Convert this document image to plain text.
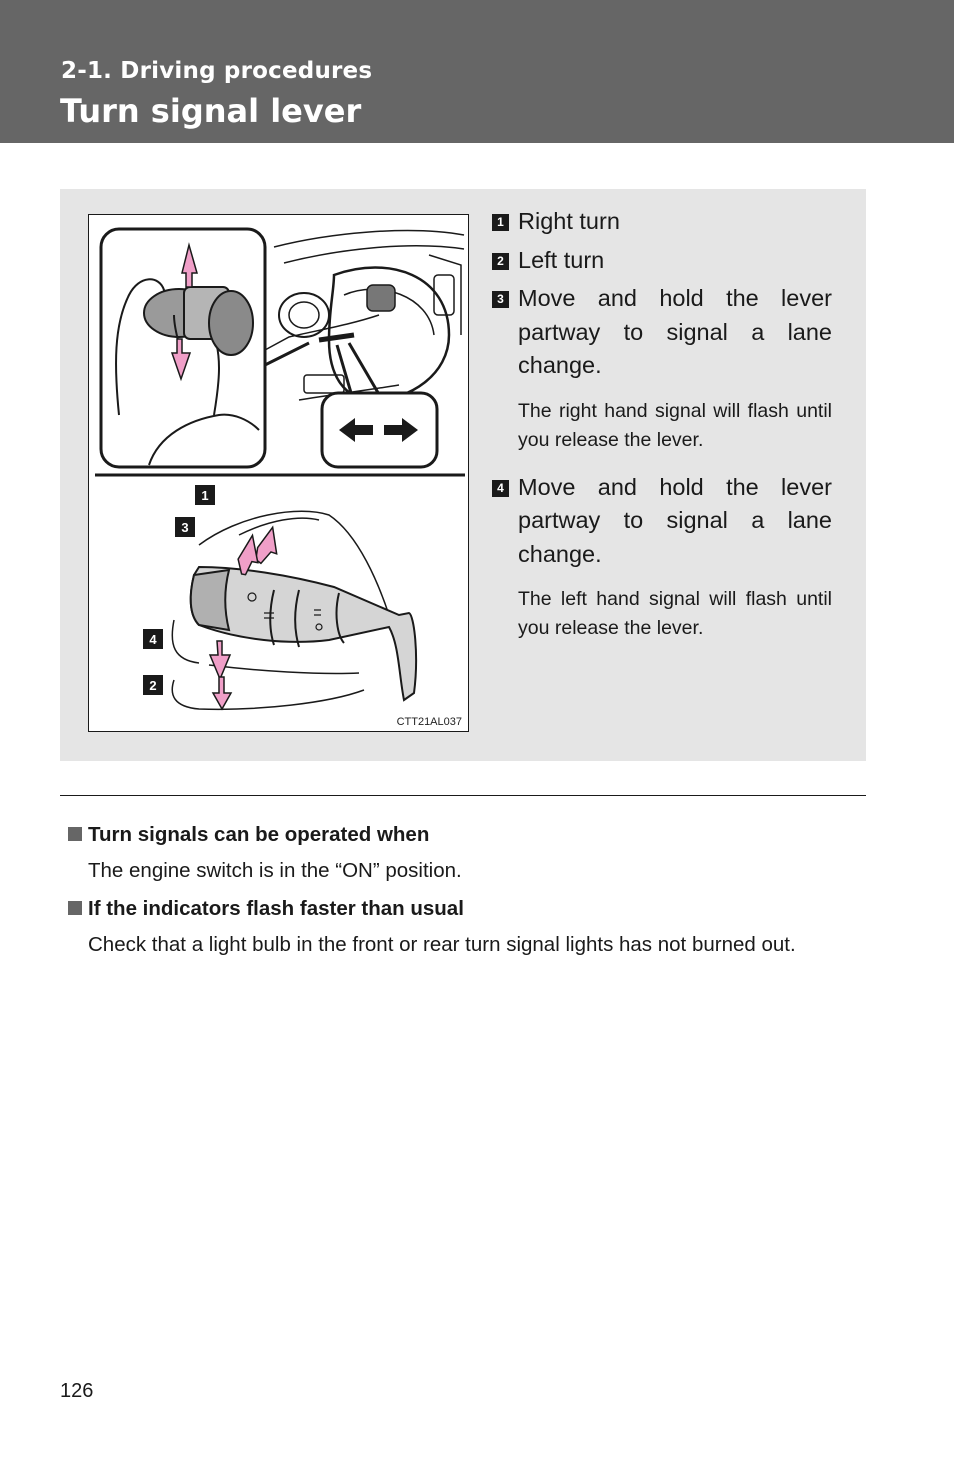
2-1. Driving procedures
Turn signal lever
1
3
4
2
CTT21AL037
1 Right turn
2 Left turn
3 Move and hold the lever partway to signal a lane change.
The right hand signal will flash until you release the lever.
4 Move and hold the lever partway to signal a lane change.
The left hand signal will flash until you release the lever.
Turn signals can be operated when
The engine switch is in the “ON” position.
If the indicators flash faster than usual
Check that a light bulb in the front or rear turn signal lights has not burned out.
126
